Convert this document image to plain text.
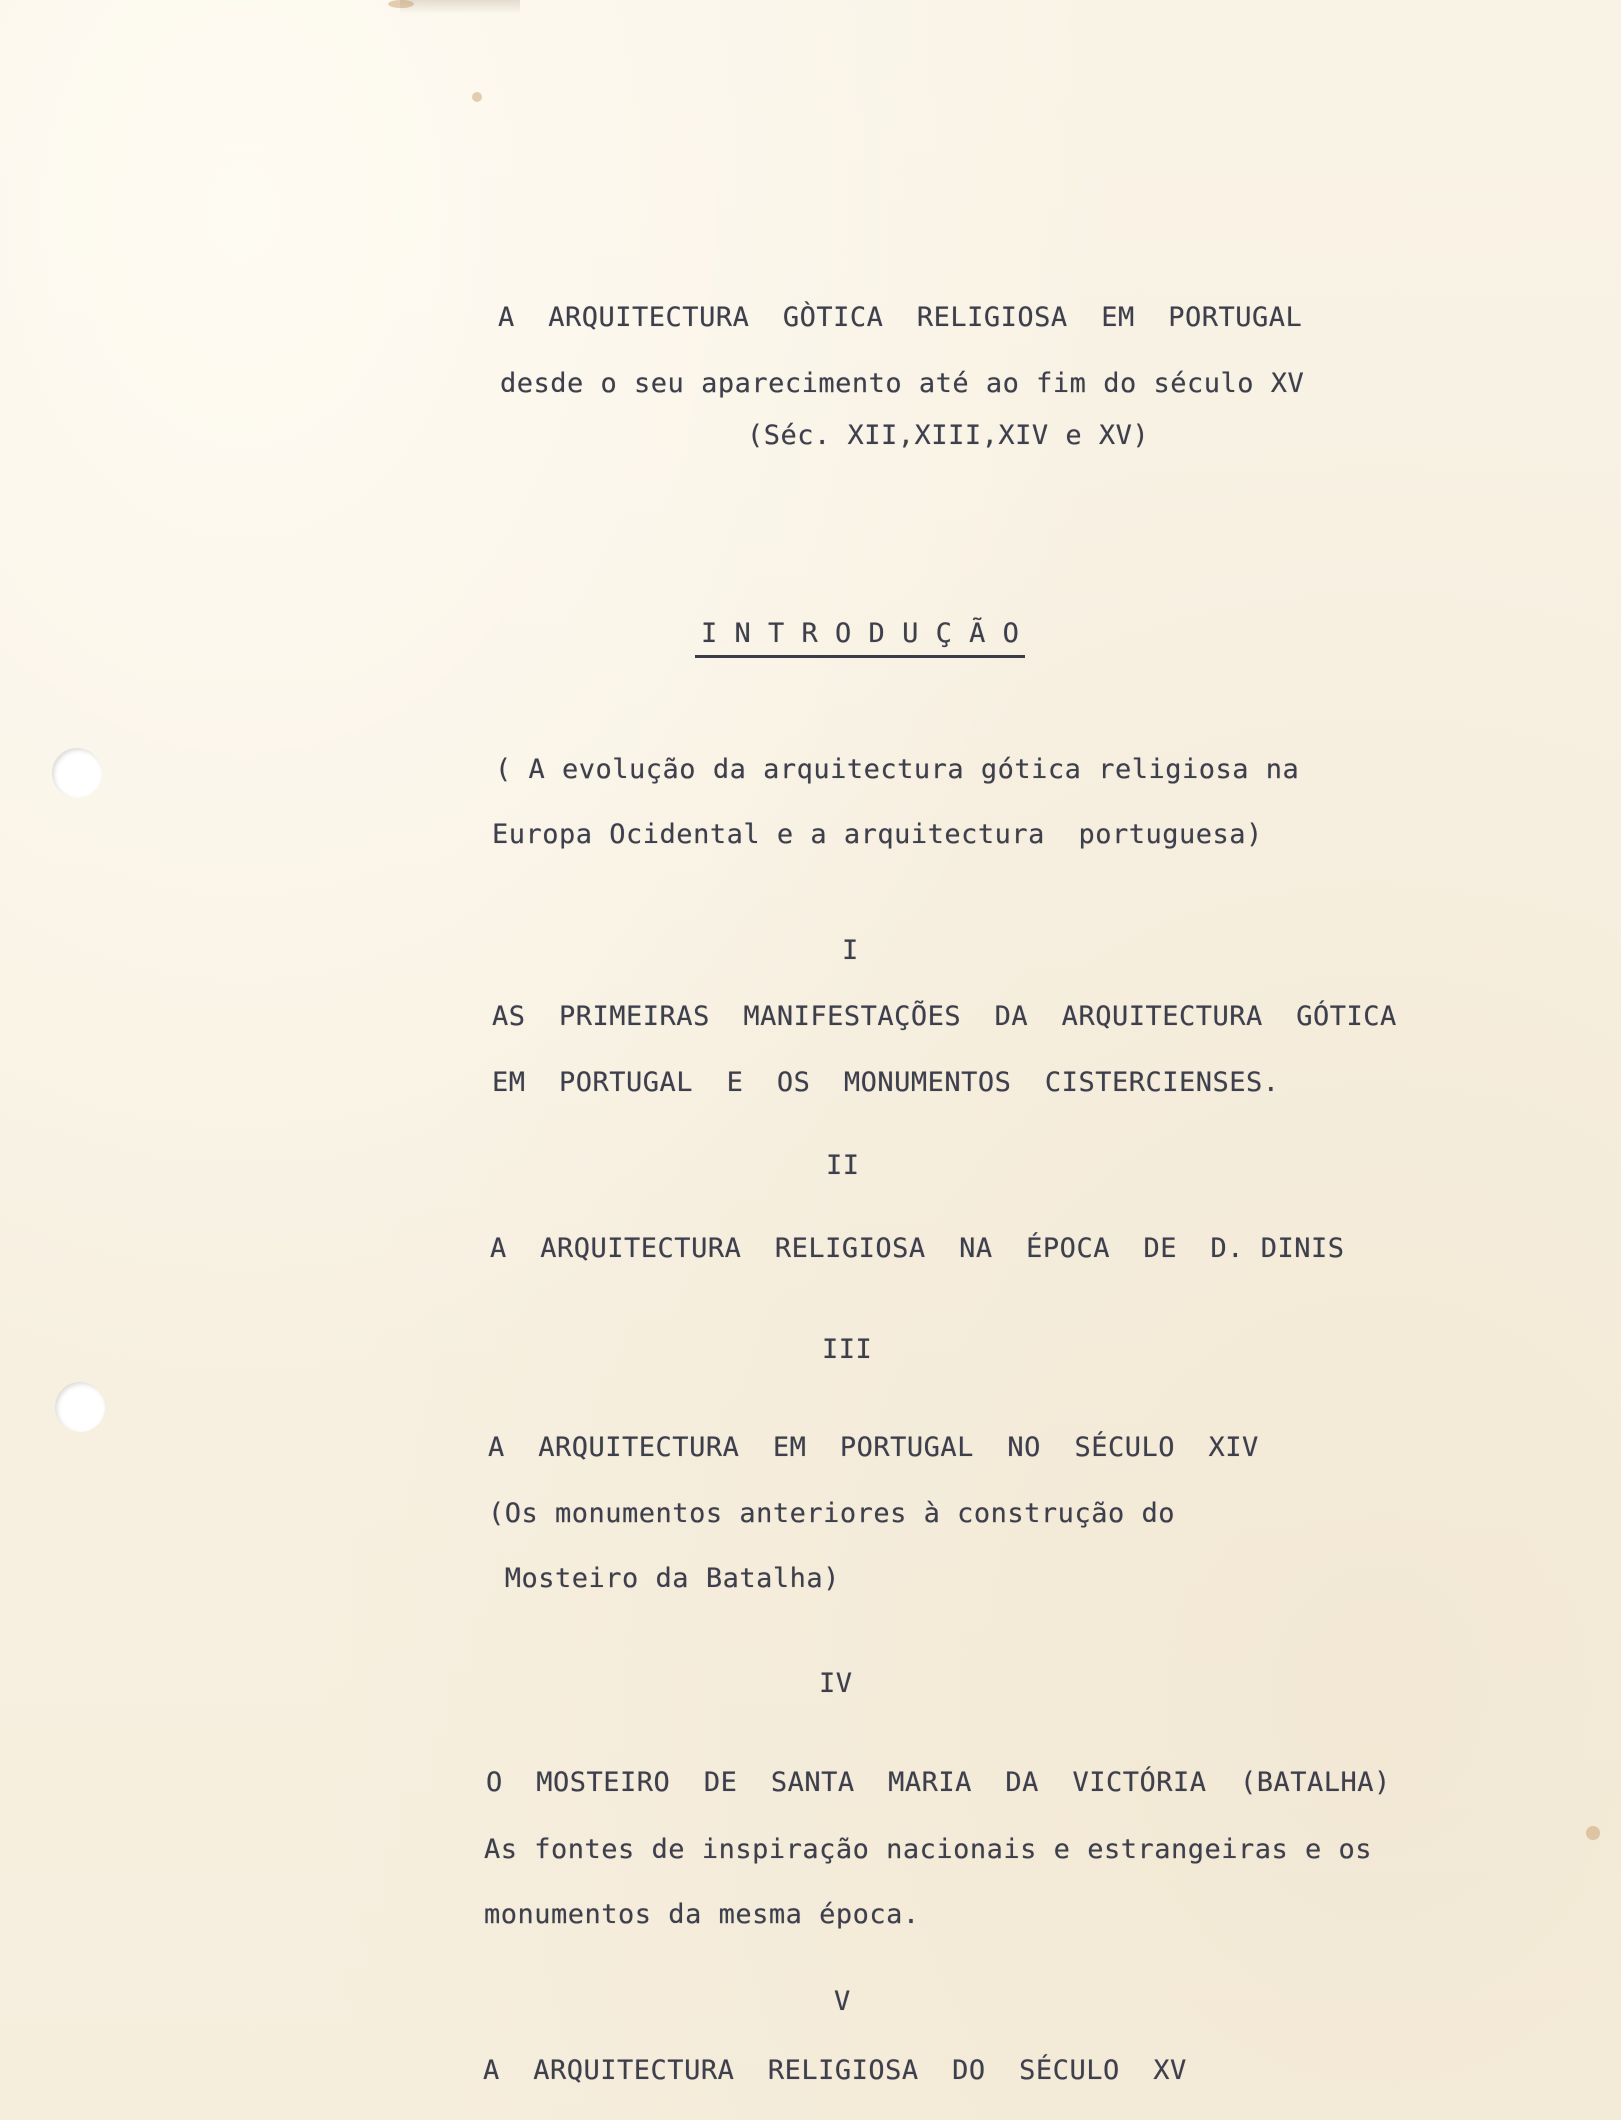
A  ARQUITECTURA  GÒTICA  RELIGIOSA  EM  PORTUGAL
desde o seu aparecimento até ao fim do século XV
(Séc. XII,XIII,XIV e XV)
I N T R O D U Ç Ã O
( A evolução da arquitectura gótica religiosa na
Europa Ocidental e a arquitectura  portuguesa)
I
AS  PRIMEIRAS  MANIFESTAÇÕES  DA  ARQUITECTURA  GÓTICA
EM  PORTUGAL  E  OS  MONUMENTOS  CISTERCIENSES.
II
A  ARQUITECTURA  RELIGIOSA  NA  ÉPOCA  DE  D. DINIS
III
A  ARQUITECTURA  EM  PORTUGAL  NO  SÉCULO  XIV
(Os monumentos anteriores à construção do
Mosteiro da Batalha)
IV
O  MOSTEIRO  DE  SANTA  MARIA  DA  VICTÓRIA  (BATALHA)
As fontes de inspiração nacionais e estrangeiras e os
monumentos da mesma época.
V
A  ARQUITECTURA  RELIGIOSA  DO  SÉCULO  XV
